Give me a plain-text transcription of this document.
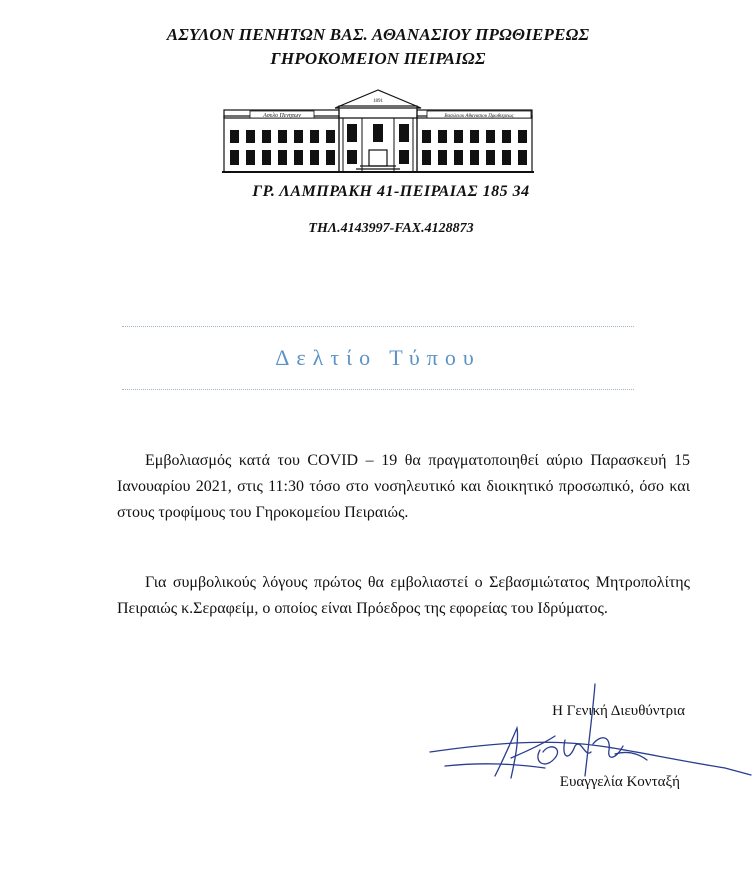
ΑΣΥΛΟΝ ΠΕΝΗΤΩΝ ΒΑΣ. ΑΘΑΝΑΣΙΟΥ ΠΡΩΘΙΕΡΕΩΣ
ΓΗΡΟΚΟΜΕΙΟΝ ΠΕΙΡΑΙΩΣ
Ασυλο Πενητων	Βασιλειου Αθανασιου Πρωθιερεως
1891
ΓΡ. ΛΑΜΠΡΑΚΗ 41-ΠΕΙΡΑΙΑΣ 185 34
ΤΗΛ.4143997-FAX.4128873
Δελτίο Τύπου
Εμβολιασμός κατά του COVID – 19 θα πραγματοποιηθεί αύριο Παρασκευή 15 Ιανουαρίου 2021, στις 11:30 τόσο στο νοσηλευτικό και διοικητικό προσωπικό, όσο και στους τροφίμους του Γηροκομείου Πειραιώς.
Για συμβολικούς λόγους πρώτος θα εμβολιαστεί ο Σεβασμιώτατος Μητροπολίτης Πειραιώς κ.Σεραφείμ, ο οποίος είναι Πρόεδρος της εφορείας του Ιδρύματος.
Η Γενική Διευθύντρια
Ευαγγελία Κονταξή
